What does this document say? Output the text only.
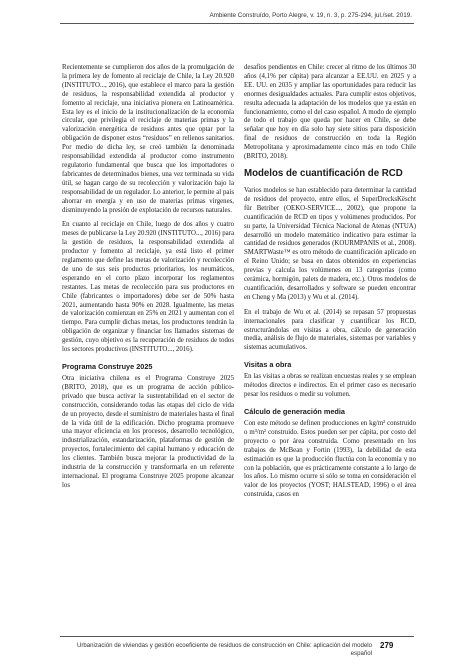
Ambiente Construído, Porto Alegre, v. 19, n. 3, p. 275-294, jul./set. 2019.

Recientemente se cumplieron dos años de la promulgación de la primera ley de fomento al reciclaje de Chile, la Ley 20.920 (INSTITUTO..., 2016), que establece el marco para la gestión de residuos, la responsabilidad extendida al productor y fomento al reciclaje, una iniciativa pionera en Latinoamérica. Esta ley es el inicio de la institucionalización de la economía circular, que privilegia el reciclaje de materias primas y la valorización energética de residuos antes que optar por la obligación de disponer estos “residuos” en rellenos sanitarios. Por medio de dicha ley, se creó también la denominada responsabilidad extendida al productor como instrumento regulatorio fundamental que busca que los importadores o fabricantes de determinados bienes, una vez terminada su vida útil, se hagan cargo de su recolección y valorización bajo la responsabilidad de un regulador. Lo anterior, le permite al país ahorrar en energía y en uso de materias primas vírgenes, disminuyendo la presión de explotación de recursos naturales.

En cuanto al reciclaje en Chile, luego de dos años y cuatro meses de publicarse la Ley 20.920 (INSTITUTO..., 2016) para la gestión de residuos, la responsabilidad extendida al productor y fomento al reciclaje, ya está listo el primer reglamento que define las metas de valorización y recolección de uno de sus seis productos prioritarios, los neumáticos, esperando en el corto plazo incorporar los reglamentos restantes. Las metas de recolección para sus productores en Chile (fabricantes o importadores) debe ser de 50% hasta 2021, aumentando hasta 90% en 2028. Igualmente, las metas de valorización comienzan en 25% en 2021 y aumentan con el tiempo. Para cumplir dichas metas, los productores tendrán la obligación de organizar y financiar los llamados sistemas de gestión, cuyo objetivo es la recuperación de residuos de todos los sectores productivos (INSTITUTO..., 2016).

Programa Construye 2025

Otra iniciativa chilena es el Programa Construye 2025 (BRITO, 2018), que es un programa de acción público-privado que busca activar la sustentabilidad en el sector de construcción, considerando todas las etapas del ciclo de vida de un proyecto, desde el suministro de materiales hasta el final de la vida útil de la edificación. Dicho programa promueve una mayor eficiencia en los procesos, desarrollo tecnológico, industrialización, estandarización, plataformas de gestión de proyectos, fortalecimiento del capital humano y educación de los clientes. También busca mejorar la productividad de la industria de la construcción y transformarla en un referente internacional. El programa Construye 2025 propone alcanzar los

desafíos pendientes en Chile: crecer al ritmo de los últimos 30 años (4,1% per cápita) para alcanzar a EE.UU. en 2025 y a EE. UU. en 2035 y ampliar las oportunidades para reducir las enormes desigualdades actuales. Para cumplir estos objetivos, resulta adecuada la adaptación de los modelos que ya están en funcionamiento, como el del caso español. A modo de ejemplo de todo el trabajo que queda por hacer en Chile, se debe señalar que hoy en día solo hay siete sitios para disposición final de residuos de construcción en toda la Región Metropolitana y aproximadamente cinco más en todo Chile (BRITO, 2018).

Modelos de cuantificación de RCD

Varios modelos se han establecido para determinar la cantidad de residuos del proyecto, entre ellos, el SuperDrecksKëscht für Betriber (OEKO-SERVICE..., 2002), que propone la cuantificación de RCD en tipos y volúmenes producidos. Por su parte, la Universidad Técnica Nacional de Atenas (NTUA) desarrolló un modelo matemático indicativo para estimar la cantidad de residuos generados (KOURMPANIS et al., 2008). SMARTWaste™ es otro método de cuantificación aplicado en el Reino Unido; se basa en datos obtenidos en experiencias previas y calcula los volúmenes en 13 categorías (como cerámica, hormigón, palets de madera, etc.). Otros modelos de cuantificación, desarrollados y software se pueden encontrar en Cheng y Ma (2013) y Wu et al. (2014).

En el trabajo de Wu et al. (2014) se repasan 57 propuestas internacionales para clasificar y cuantificar los RCD, estructurándolas en visitas a obra, cálculo de generación media, análisis de flujo de materiales, sistemas por variables y sistemas acumulativos.

Visitas a obra

En las visitas a obras se realizan encuestas reales y se emplean métodos directos e indirectos. En el primer caso es necesario pesar los residuos o medir su volumen.

Cálculo de generación media

Con este método se definen producciones en kg/m² construido o m³/m² construido. Estos pueden ser per cápita, por costo del proyecto o por área construida. Como presentado en los trabajos de McBean y Fortin (1993), la debilidad de esta estimación es que la producción fluctúa con la economía y no con la población, que es prácticamente constante a lo largo de los años. Lo mismo ocurre si sólo se toma en consideración el valor de los proyectos (YOST; HALSTEAD, 1996) o el área construida, casos en

Urbanización de viviendas y gestión ecoeficiente de residuos de construcción en Chile: aplicación del modelo español
279
